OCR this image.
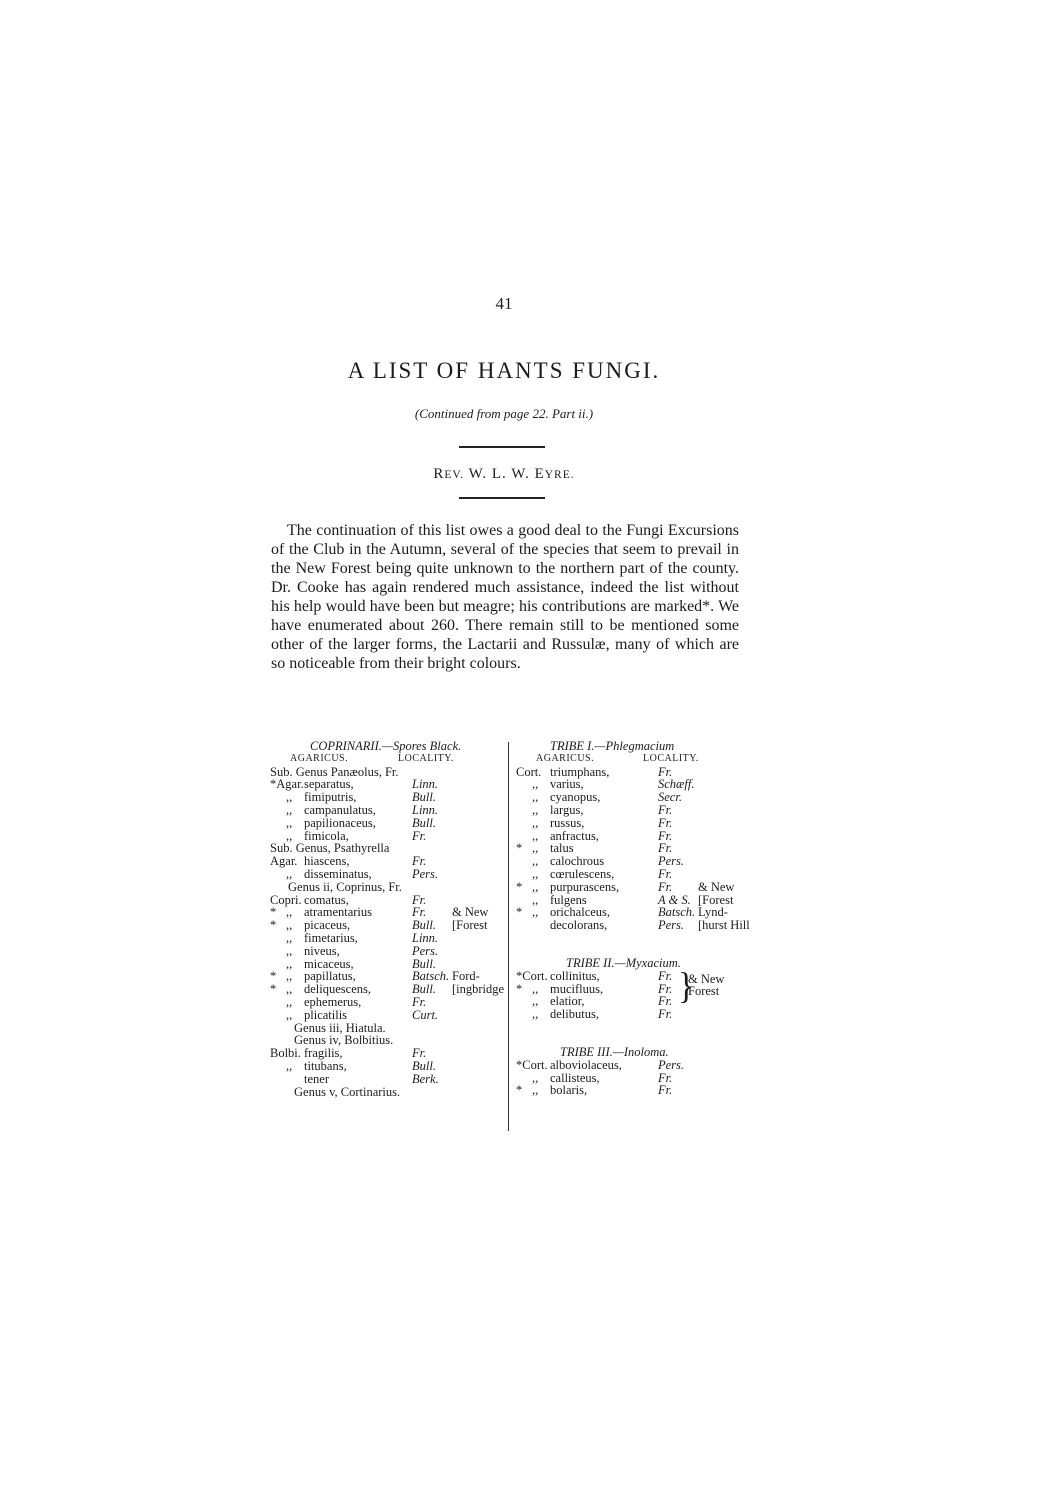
41
A LIST OF HANTS FUNGI.
(Continued from page 22. Part ii.)
REV. W. L. W. EYRE.
The continuation of this list owes a good deal to the Fungi Excursions of the Club in the Autumn, several of the species that seem to prevail in the New Forest being quite unknown to the northern part of the county. Dr. Cooke has again rendered much assistance, indeed the list without his help would have been but meagre; his contributions are marked*. We have enumerated about 260. There remain still to be mentioned some other of the larger forms, the Lactarii and Russulæ, many of which are so noticeable from their bright colours.
COPRINARII.—Spores Black.
AGARICUS.	LOCALITY.
Sub. Genus Panæolus, Fr.
*Agar. separatus,	Linn.
,, fimiputris,	Bull.
,, campanulatus,	Linn.
,, papilionaceus,	Bull.
,, fimicola,	Fr.
Sub. Genus, Psathyrella
Agar. hiascens,	Fr.
,, disseminatus,	Pers.
Genus ii, Coprinus, Fr.
Copri. comatus,	Fr.
* ,, atramentarius	Fr. & New
* ,, picaceus,	Bull. [Forest
,, fimetarius,	Linn.
,, niveus,	Pers.
,, micaceus,	Bull.
* ,, papillatus,	Batsch. Ford-
* ,, deliquescens,	Bull. [ingbridge
,, ephemerus,	Fr.
,, plicatilis	Curt.
Genus iii, Hiatula.
Genus iv, Bolbitius.
Bolbi. fragilis,	Fr.
,, titubans,	Bull.
tener	Berk.
Genus v, Cortinarius.
TRIBE I.—Phlegmacium
AGARICUS.	LOCALITY.
Cort. triumphans,	Fr.
,, varius,	Schæff.
,, cyanopus,	Secr.
,, largus,	Fr.
,, russus,	Fr.
,, anfractus,	Fr.
* ,, talus	Fr.
,, calochrous	Pers.
,, cœrulescens,	Fr.
* ,, purpurascens,	Fr. & New
,, fulgens	A & S. [Forest
* ,, orichalceus,	Batsch. Lynd-
decolorans,	Pers. [hurst Hill
TRIBE II.—Myxacium.
*Cort. collinitus,	Fr.
* ,, mucifluus,	Fr.
,, elatior,	Fr.
,, delibutus,	Fr.
}
& New Forest
TRIBE III.—Inoloma.
*Cort. alboviolaceus,	Pers.
,, callisteus,	Fr.
* ,, bolaris,	Fr.
